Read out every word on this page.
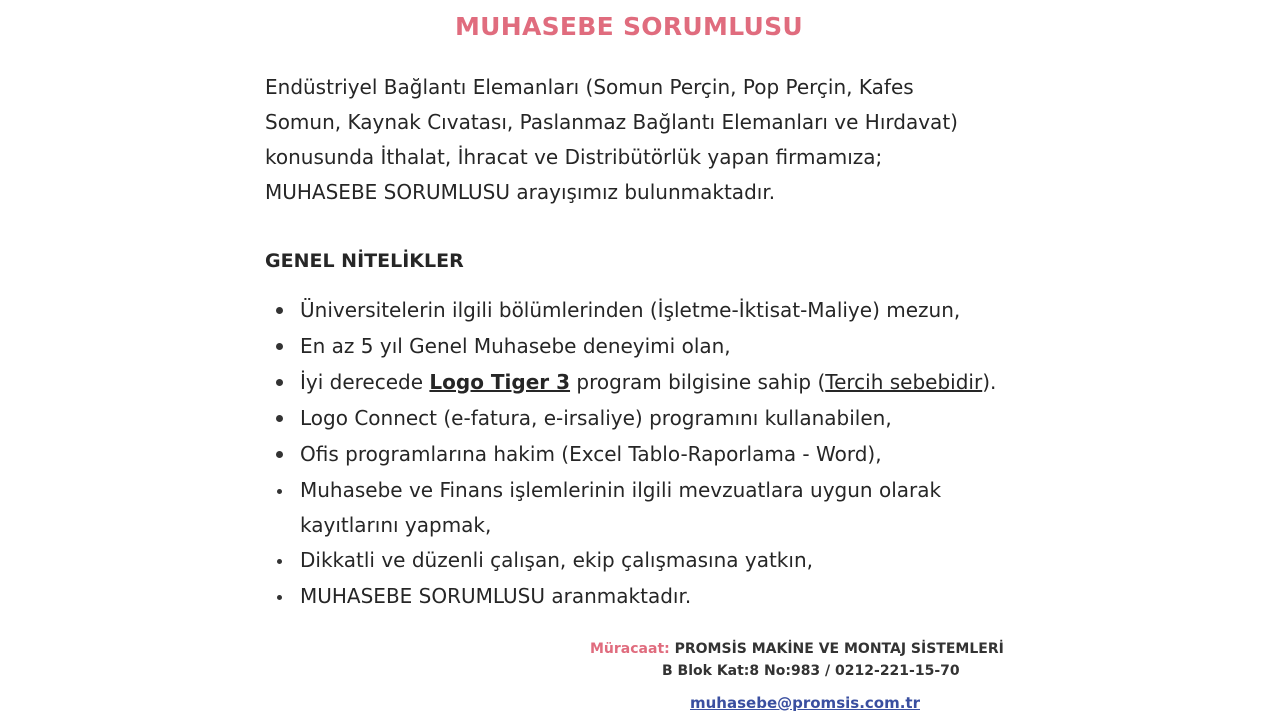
MUHASEBE SORUMLUSU
Endüstriyel Bağlantı Elemanları (Somun Perçin, Pop Perçin, Kafes
Somun, Kaynak Cıvatası, Paslanmaz Bağlantı Elemanları ve Hırdavat)
konusunda İthalat, İhracat ve Distribütörlük yapan firmamıza;
MUHASEBE SORUMLUSU arayışımız bulunmaktadır.
GENEL NİTELİKLER
Üniversitelerin ilgili bölümlerinden (İşletme-İktisat-Maliye) mezun,
En az 5 yıl Genel Muhasebe deneyimi olan,
İyi derecede Logo Tiger 3 program bilgisine sahip (Tercih sebebidir).
Logo Connect (e-fatura, e-irsaliye) programını kullanabilen,
Ofis programlarına hakim (Excel Tablo-Raporlama - Word),
Muhasebe ve Finans işlemlerinin ilgili mevzuatlara uygun olarak
kayıtlarını yapmak,
Dikkatli ve düzenli çalışan, ekip çalışmasına yatkın,
MUHASEBE SORUMLUSU aranmaktadır.
Müracaat: PROMSİS MAKİNE VE MONTAJ SİSTEMLERİ
B Blok Kat:8 No:983 / 0212-221-15-70
muhasebe@promsis.com.tr
